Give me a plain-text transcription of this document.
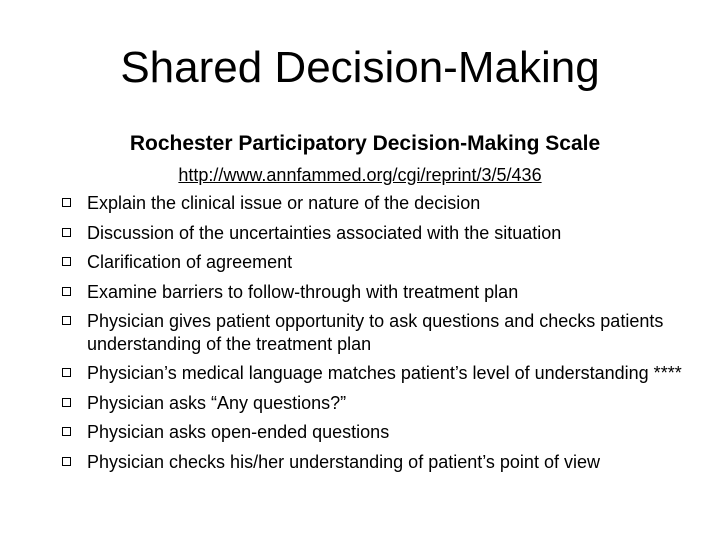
Shared Decision-Making
Rochester Participatory Decision-Making Scale
http://www.annfammed.org/cgi/reprint/3/5/436
Explain the clinical issue or nature of the decision
Discussion of the uncertainties associated with the situation
Clarification of agreement
Examine barriers to follow-through with treatment plan
Physician gives patient opportunity to ask questions and checks patients understanding of the treatment plan
Physician’s medical language matches patient’s level of understanding ****
Physician asks “Any questions?”
Physician asks open-ended questions
Physician checks his/her understanding of patient’s point of view
